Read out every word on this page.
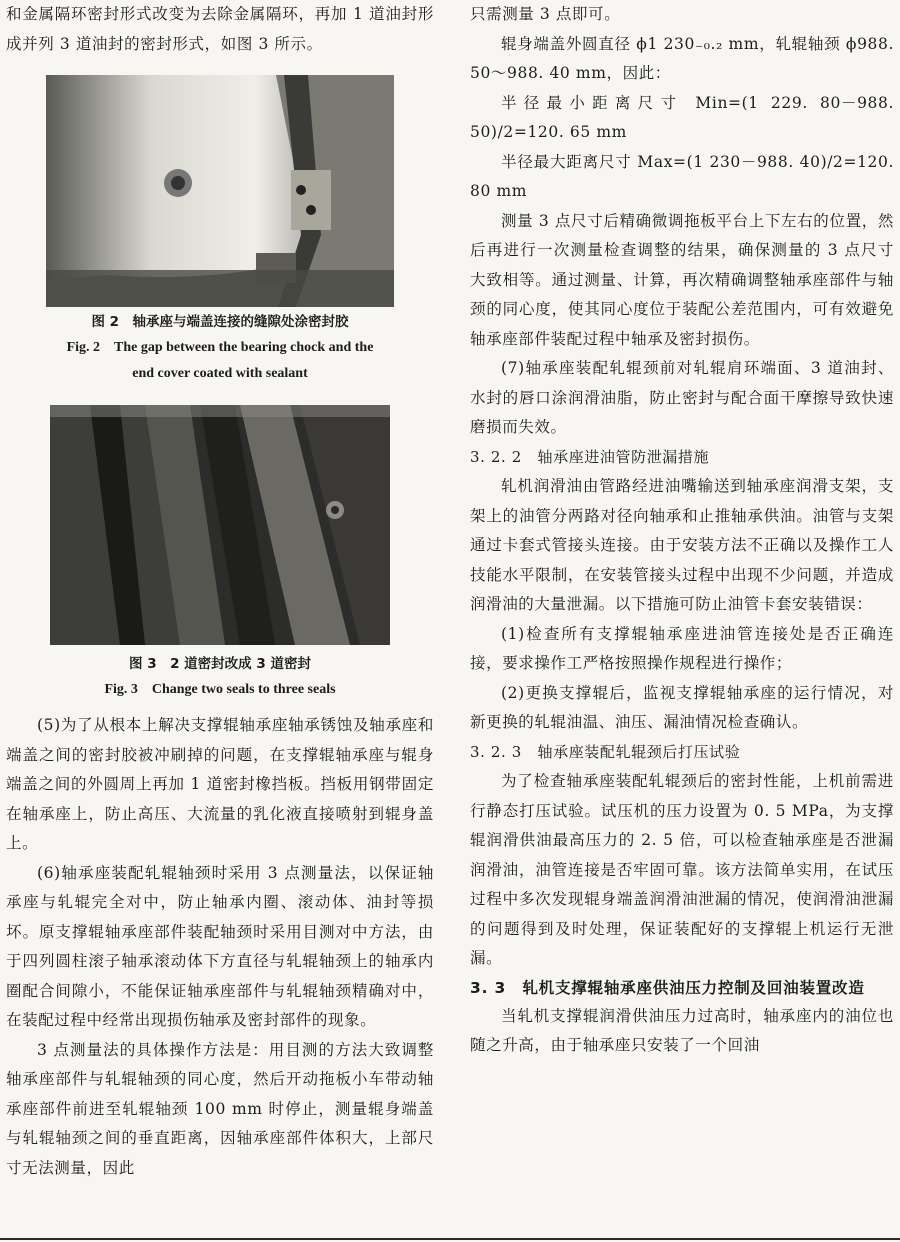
和金属隔环密封形式改变为去除金属隔环，再加 1 道油封形成并列 3 道油封的密封形式，如图 3 所示。

图 2　轴承座与端盖连接的缝隙处涂密封胶

Fig. 2　The gap between the bearing chock and the

end cover coated with sealant

图 3　2 道密封改成 3 道密封

Fig. 3　Change two seals to three seals

(5)为了从根本上解决支撑辊轴承座轴承锈蚀及轴承座和端盖之间的密封胶被冲刷掉的问题，在支撑辊轴承座与辊身端盖之间的外圆周上再加 1 道密封橡挡板。挡板用钢带固定在轴承座上，防止高压、大流量的乳化液直接喷射到辊身盖上。

(6)轴承座装配轧辊轴颈时采用 3 点测量法，以保证轴承座与轧辊完全对中，防止轴承内圈、滚动体、油封等损坏。原支撑辊轴承座部件装配轴颈时采用目测对中方法，由于四列圆柱滚子轴承滚动体下方直径与轧辊轴颈上的轴承内圈配合间隙小，不能保证轴承座部件与轧辊轴颈精确对中，在装配过程中经常出现损伤轴承及密封部件的现象。

3 点测量法的具体操作方法是：用目测的方法大致调整轴承座部件与轧辊轴颈的同心度，然后开动拖板小车带动轴承座部件前进至轧辊轴颈 100 mm 时停止，测量辊身端盖与轧辊轴颈之间的垂直距离，因轴承座部件体积大，上部尺寸无法测量，因此

只需测量 3 点即可。

辊身端盖外圆直径 ϕ1 230₋₀.₂ mm，轧辊轴颈 ϕ988. 50～988. 40 mm，因此：

半径最小距离尺寸 Min=(1 229. 80－988. 50)/2=120. 65 mm

半径最大距离尺寸 Max=(1 230－988. 40)/2=120. 80 mm

测量 3 点尺寸后精确微调拖板平台上下左右的位置，然后再进行一次测量检查调整的结果，确保测量的 3 点尺寸大致相等。通过测量、计算，再次精确调整轴承座部件与轴颈的同心度，使其同心度位于装配公差范围内，可有效避免轴承座部件装配过程中轴承及密封损伤。

(7)轴承座装配轧辊颈前对轧辊肩环端面、3 道油封、水封的唇口涂润滑油脂，防止密封与配合面干摩擦导致快速磨损而失效。

3. 2. 2　轴承座进油管防泄漏措施

轧机润滑油由管路经进油嘴输送到轴承座润滑支架，支架上的油管分两路对径向轴承和止推轴承供油。油管与支架通过卡套式管接头连接。由于安装方法不正确以及操作工人技能水平限制，在安装管接头过程中出现不少问题，并造成润滑油的大量泄漏。以下措施可防止油管卡套安装错误：

(1)检查所有支撑辊轴承座进油管连接处是否正确连接，要求操作工严格按照操作规程进行操作；

(2)更换支撑辊后，监视支撑辊轴承座的运行情况，对新更换的轧辊油温、油压、漏油情况检查确认。

3. 2. 3　轴承座装配轧辊颈后打压试验

为了检查轴承座装配轧辊颈后的密封性能，上机前需进行静态打压试验。试压机的压力设置为 0. 5 MPa，为支撑辊润滑供油最高压力的 2. 5 倍，可以检查轴承座是否泄漏润滑油，油管连接是否牢固可靠。该方法简单实用，在试压过程中多次发现辊身端盖润滑油泄漏的情况，使润滑油泄漏的问题得到及时处理，保证装配好的支撑辊上机运行无泄漏。

3. 3　轧机支撑辊轴承座供油压力控制及回油装置改造

当轧机支撑辊润滑供油压力过高时，轴承座内的油位也随之升高，由于轴承座只安装了一个回油
